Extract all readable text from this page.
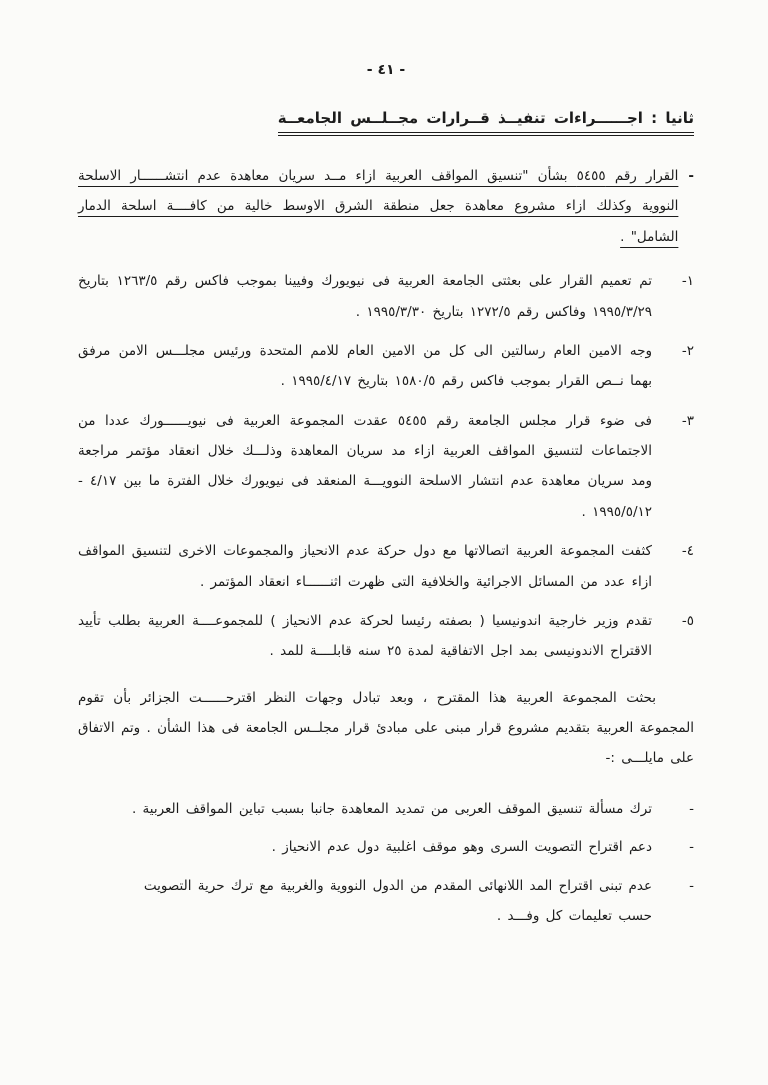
- ٤١ -
ثانيا : اجــــــراءات تنفيــذ قــرارات مجــلــس الجامعــة
-

القرار رقم ٥٤٥٥ بشأن "تنسيق المواقف العربية ازاء مــد سريان معاهدة عدم انتشــــــار الاسلحة النووية وكذلك ازاء مشروع معاهدة جعل منطقة الشرق الاوسط خالية من كافــــة اسلحة الدمار الشامل" .

١-

تم تعميم القرار على بعثتى الجامعة العربية فى نيويورك وفيينا بموجب فاكس رقم ١٢٦٣/٥ بتاريخ ١٩٩٥/٣/٢٩ وفاكس رقم ١٢٧٢/٥ بتاريخ ١٩٩٥/٣/٣٠ .

٢-

وجه الامين العام رسالتين الى كل من الامين العام للامم المتحدة ورئيس مجلـــس الامن مرفق بهما نــص القرار بموجب فاكس رقم ١٥٨٠/٥ بتاريخ ١٩٩٥/٤/١٧ .

٣-

فى ضوء قرار مجلس الجامعة رقم ٥٤٥٥ عقدت المجموعة العربية فى نيويــــــورك عددا من الاجتماعات لتنسيق المواقف العربية ازاء مد سريان المعاهدة وذلـــك خلال انعقاد مؤتمر مراجعة ومد سريان معاهدة عدم انتشار الاسلحة النوويـــة المنعقد فى نيويورك خلال الفترة ما بين ٤/١٧ - ١٩٩٥/٥/١٢ .

٤-

كثفت المجموعة العربية اتصالاتها مع دول حركة عدم الانحياز والمجموعات الاخرى لتنسيق المواقف ازاء عدد من المسائل الاجرائية والخلافية التى ظهرت اثنــــــاء انعقاد المؤتمر .

٥-

تقدم وزير خارجية اندونيسيا ( بصفته رئيسا لحركة عدم الانحياز ) للمجموعــــة العربية بطلب تأييد الاقتراح الاندونيسى بمد اجل الاتفاقية لمدة ٢٥ سنه قابلــــة للمد .

بحثت المجموعة العربية هذا المقترح ، وبعد تبادل وجهات النظر اقترحــــــت الجزائر بأن تقوم المجموعة العربية بتقديم مشروع قرار مبنى على مبادئ قرار مجلــس الجامعة فى هذا الشأن . وتم الاتفاق على مايلـــى :-

-

ترك مسألة تنسيق الموقف العربى من تمديد المعاهدة جانبا بسبب تباين المواقف العربية .

-

دعم اقتراح التصويت السرى وهو موقف اغلبية دول عدم الانحياز .

-

عدم تبنى اقتراح المد اللانهائى المقدم من الدول النووية والغربية مع ترك حرية التصويت حسب تعليمات كل وفـــد .
